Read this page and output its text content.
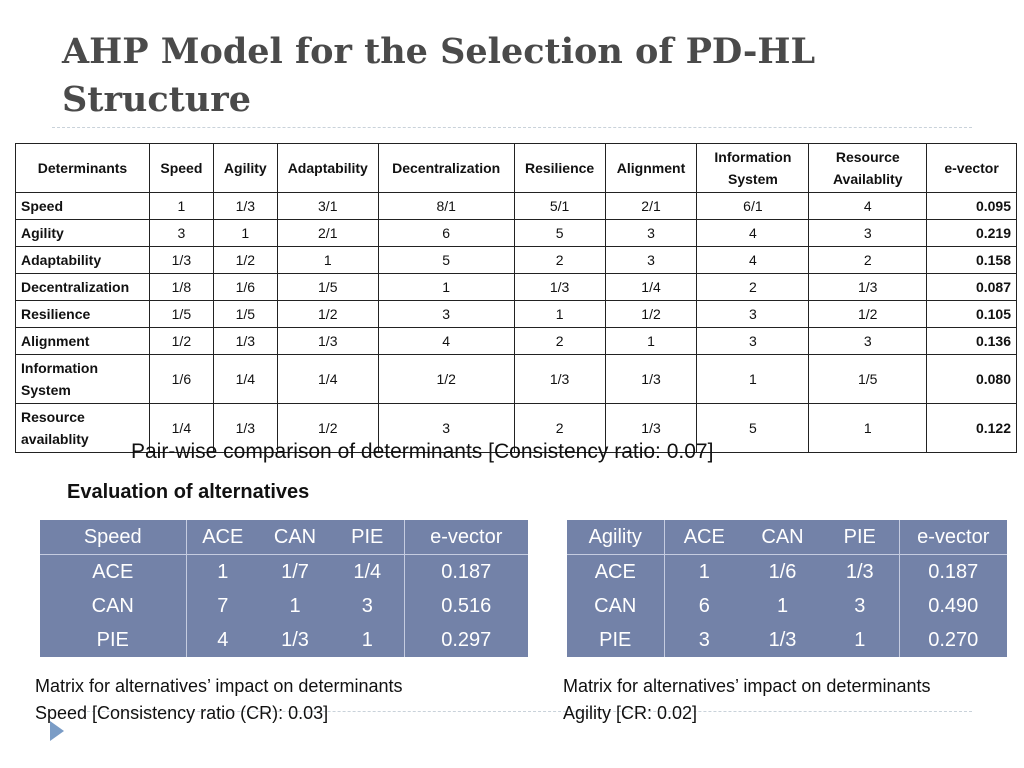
AHP Model for the Selection of PD-HL Structure
Determinants	Speed	Agility	Adaptability	Decentralization	Resilience	Alignment	Information System	Resource Availablity	e-vector
Speed	1	1/3	3/1	8/1	5/1	2/1	6/1	4	0.095
Agility	3	1	2/1	6	5	3	4	3	0.219
Adaptability	1/3	1/2	1	5	2	3	4	2	0.158
Decentralization	1/8	1/6	1/5	1	1/3	1/4	2	1/3	0.087
Resilience	1/5	1/5	1/2	3	1	1/2	3	1/2	0.105
Alignment	1/2	1/3	1/3	4	2	1	3	3	0.136
Information System	1/6	1/4	1/4	1/2	1/3	1/3	1	1/5	0.080
Resource availablity	1/4	1/3	1/2	3	2	1/3	5	1	0.122
Pair-wise comparison of determinants [Consistency ratio: 0.07]
Evaluation of alternatives
Speed	ACE	CAN	PIE	e-vector
ACE	1	1/7	1/4	0.187
CAN	7	1	3	0.516
PIE	4	1/3	1	0.297
Agility	ACE	CAN	PIE	e-vector
ACE	1	1/6	1/3	0.187
CAN	6	1	3	0.490
PIE	3	1/3	1	0.270
Matrix for alternatives’ impact on determinants
Speed [Consistency ratio (CR): 0.03]
Matrix for alternatives’ impact on determinants
Agility [CR: 0.02]
